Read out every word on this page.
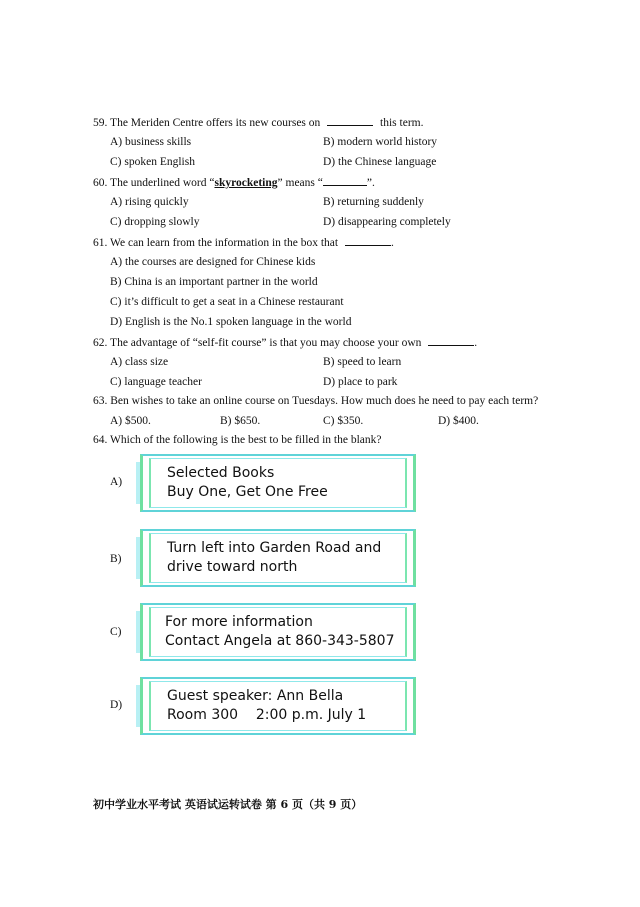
59. The Meriden Centre offers its new courses on	this term.
A) business skills	B) modern world history
C) spoken English	D) the Chinese language
60. The underlined word “skyrocketing” means “	”.
A) rising quickly	B) returning suddenly
C) dropping slowly	D) disappearing completely
61. We can learn from the information in the box that	.
A) the courses are designed for Chinese kids
B) China is an important partner in the world
C) it’s difficult to get a seat in a Chinese restaurant
D) English is the No.1 spoken language in the world
62. The advantage of “self-fit course” is that you may choose your own	.
A) class size	B) speed to learn
C) language teacher	D) place to park
63. Ben wishes to take an online course on Tuesdays. How much does he need to pay each term?
A) $500.	B) $650.	C) $350.	D) $400.
64. Which of the following is the best to be filled in the blank?
A)
Selected Books
Buy One, Get One Free
B)
Turn left into Garden Road and
drive toward north
C)
For more information
Contact Angela at 860-343-5807
D)
Guest speaker: Ann Bella
Room 300    2:00 p.m. July 1
初中学业水平考试 英语试运转试卷 第 6 页（共 9 页）
